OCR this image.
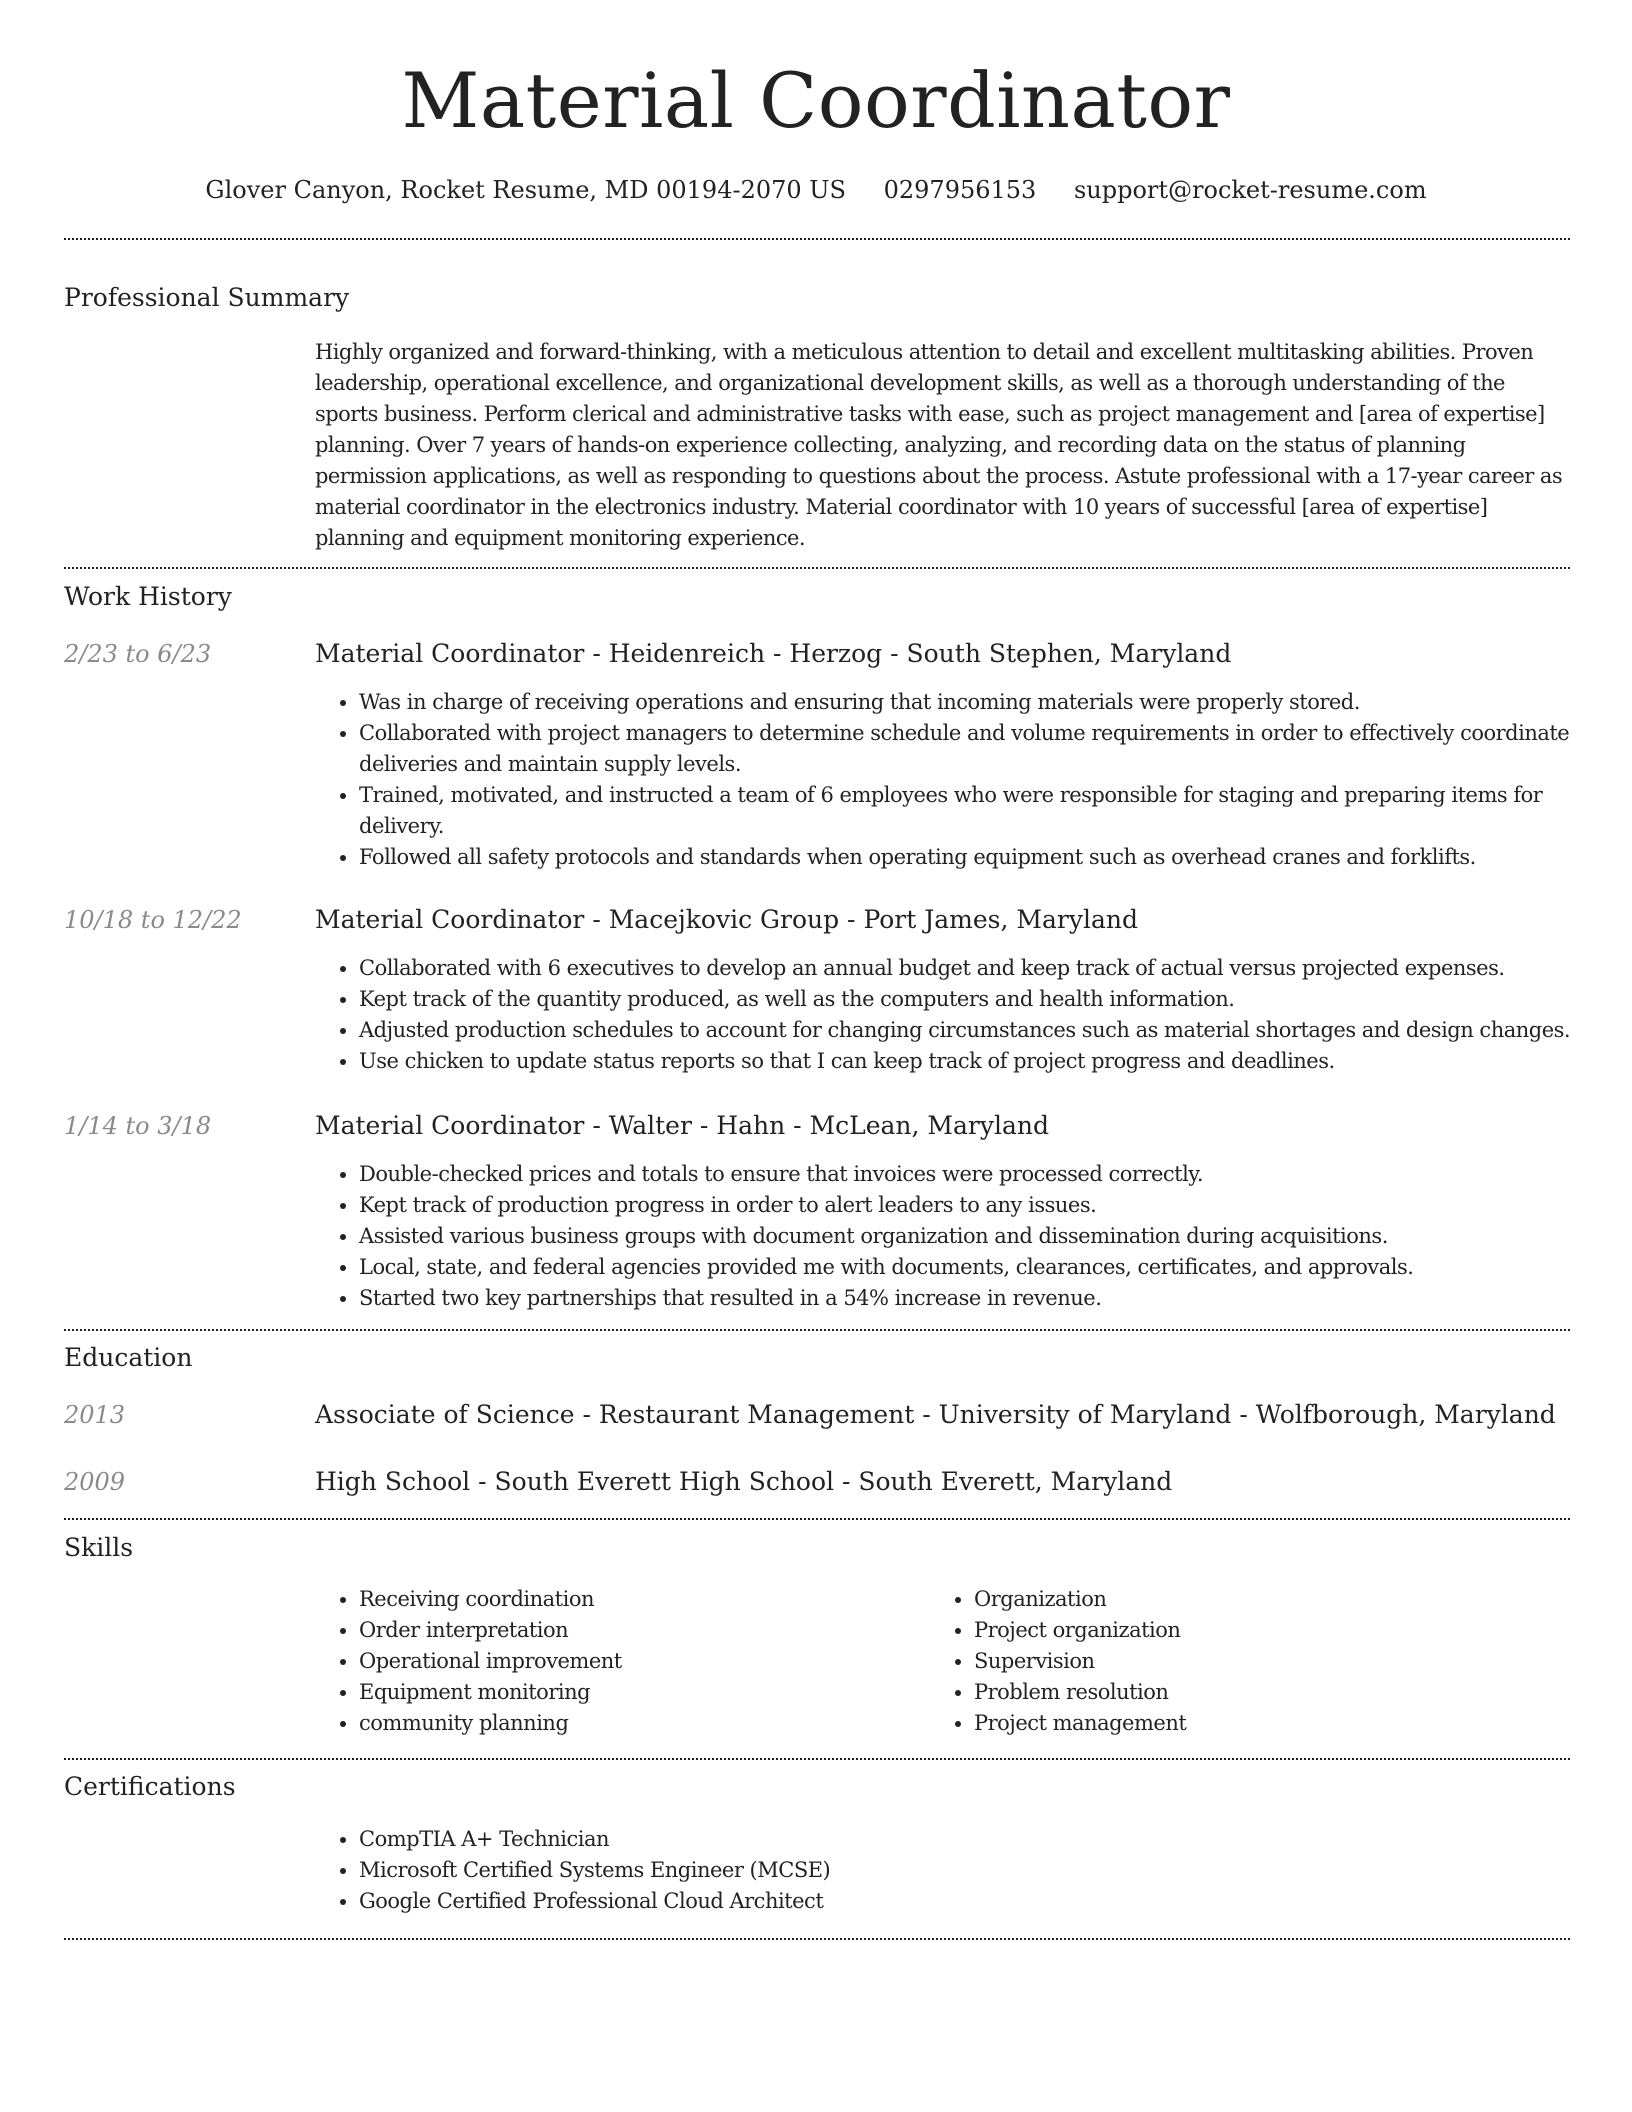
Material Coordinator
Glover Canyon, Rocket Resume, MD 00194-2070 US 0297956153 support@rocket-resume.com
Professional Summary

Highly organized and forward-thinking, with a meticulous attention to detail and excellent multitasking abilities. Proven leadership, operational excellence, and organizational development skills, as well as a thorough understanding of the sports business. Perform clerical and administrative tasks with ease, such as project management and [area of expertise] planning. Over 7 years of hands-on experience collecting, analyzing, and recording data on the status of planning permission applications, as well as responding to questions about the process. Astute professional with a 17-year career as material coordinator in the electronics industry. Material coordinator with 10 years of successful [area of expertise] planning and equipment monitoring experience.

Work History
2/23 to 6/23	Material Coordinator - Heidenreich - Herzog - South Stephen, Maryland
• Was in charge of receiving operations and ensuring that incoming materials were properly stored.
• Collaborated with project managers to determine schedule and volume requirements in order to effectively coordinate deliveries and maintain supply levels.
• Trained, motivated, and instructed a team of 6 employees who were responsible for staging and preparing items for delivery.
• Followed all safety protocols and standards when operating equipment such as overhead cranes and forklifts.
10/18 to 12/22	Material Coordinator - Macejkovic Group - Port James, Maryland
• Collaborated with 6 executives to develop an annual budget and keep track of actual versus projected expenses.
• Kept track of the quantity produced, as well as the computers and health information.
• Adjusted production schedules to account for changing circumstances such as material shortages and design changes.
• Use chicken to update status reports so that I can keep track of project progress and deadlines.
1/14 to 3/18	Material Coordinator - Walter - Hahn - McLean, Maryland
• Double-checked prices and totals to ensure that invoices were processed correctly.
• Kept track of production progress in order to alert leaders to any issues.
• Assisted various business groups with document organization and dissemination during acquisitions.
• Local, state, and federal agencies provided me with documents, clearances, certificates, and approvals.
• Started two key partnerships that resulted in a 54% increase in revenue.
Education
2013	Associate of Science - Restaurant Management - University of Maryland - Wolfborough, Maryland
2009	High School - South Everett High School - South Everett, Maryland
Skills
• Receiving coordination
• Order interpretation
• Operational improvement
• Equipment monitoring
• community planning
• Organization
• Project organization
• Supervision
• Problem resolution
• Project management
Certifications
• CompTIA A+ Technician
• Microsoft Certified Systems Engineer (MCSE)
• Google Certified Professional Cloud Architect
